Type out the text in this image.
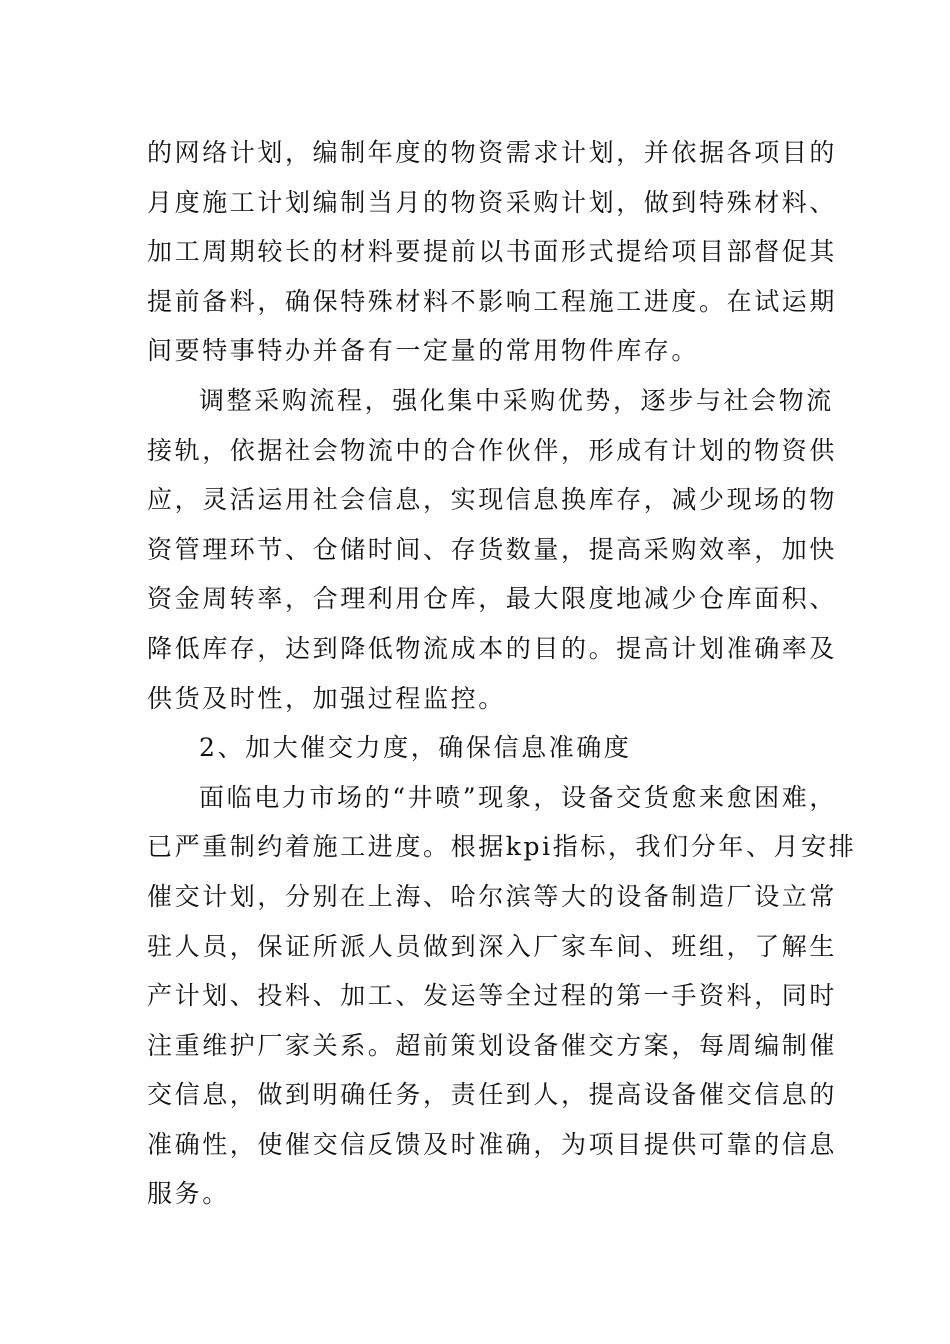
的网络计划，编制年度的物资需求计划，并依据各项目的
月度施工计划编制当月的物资采购计划，做到特殊材料、
加工周期较长的材料要提前以书面形式提给项目部督促其
提前备料，确保特殊材料不影响工程施工进度。在试运期
间要特事特办并备有一定量的常用物件库存。
调整采购流程，强化集中采购优势，逐步与社会物流
接轨，依据社会物流中的合作伙伴，形成有计划的物资供
应，灵活运用社会信息，实现信息换库存，减少现场的物
资管理环节、仓储时间、存货数量，提高采购效率，加快
资金周转率，合理利用仓库，最大限度地减少仓库面积、
降低库存，达到降低物流成本的目的。提高计划准确率及
供货及时性，加强过程监控。
2、加大催交力度，确保信息准确度
面临电力市场的“井喷”现象，设备交货愈来愈困难，
已严重制约着施工进度。根据kpi指标，我们分年、月安排
催交计划，分别在上海、哈尔滨等大的设备制造厂设立常
驻人员，保证所派人员做到深入厂家车间、班组，了解生
产计划、投料、加工、发运等全过程的第一手资料，同时
注重维护厂家关系。超前策划设备催交方案，每周编制催
交信息，做到明确任务，责任到人，提高设备催交信息的
准确性，使催交信反馈及时准确，为项目提供可靠的信息
服务。
